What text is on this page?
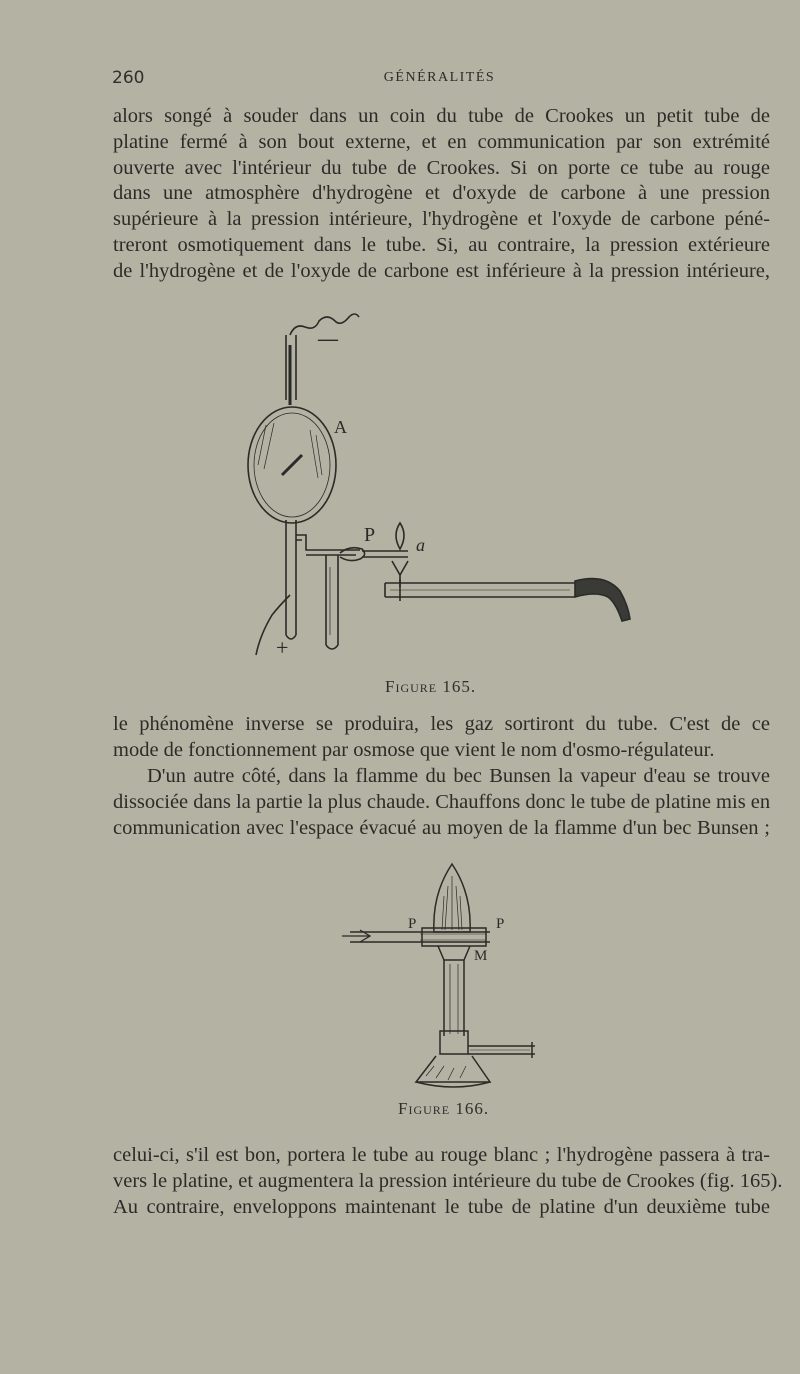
260	GÉNÉRALITÉS
alors songé à souder dans un coin du tube de Crookes un petit tube de
platine fermé à son bout externe, et en communication par son extrémité
ouverte avec l'intérieur du tube de Crookes. Si on porte ce tube au rouge
dans une atmosphère d'hydrogène et d'oxyde de carbone à une pression
supérieure à la pression intérieure, l'hydrogène et l'oxyde de carbone péné-
treront osmotiquement dans le tube. Si, au contraire, la pression extérieure
de l'hydrogène et de l'oxyde de carbone est inférieure à la pression intérieure,
A
P a
+
—
Figure 165.
le phénomène inverse se produira, les gaz sortiront du tube. C'est de ce
mode de fonctionnement par osmose que vient le nom d'osmo-régulateur.
D'un autre côté, dans la flamme du bec Bunsen la vapeur d'eau se trouve
dissociée dans la partie la plus chaude. Chauffons donc le tube de platine mis en
communication avec l'espace évacué au moyen de la flamme d'un bec Bunsen ;
P	P
M
Figure 166.
celui-ci, s'il est bon, portera le tube au rouge blanc ; l'hydrogène passera à tra-
vers le platine, et augmentera la pression intérieure du tube de Crookes (fig. 165).
Au contraire, enveloppons maintenant le tube de platine d'un deuxième tube
